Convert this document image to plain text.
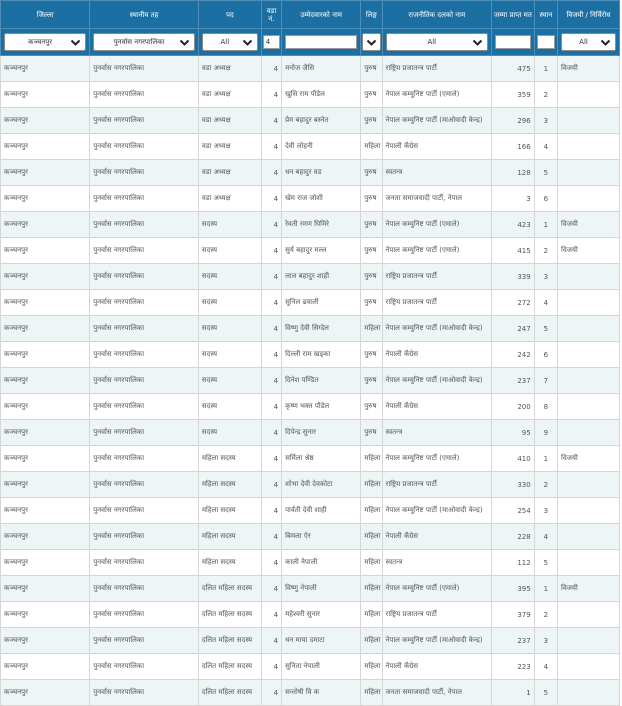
जिल्ला	स्थानीय तह	पद	वडा नं.	उम्मेदवारको नाम	लिङ्ग	राजनीतिक दलको नाम	जम्मा प्राप्त मत	स्थान	विजयी / निर्विरोध

कञ्चनपुर	पुनर्वास नगरपालिका	All	4			All			All

कञ्चनपुर	पुनर्वास नगरपालिका	वडा अध्यक्ष	4	मनोज जैसि	पुरुष	राष्ट्रिय प्रजातन्त्र पार्टी	475	1	विजयी
कञ्चनपुर	पुनर्वास नगरपालिका	वडा अध्यक्ष	4	खुसि राम पौडेल	पुरुष	नेपाल कम्युनिष्ट पार्टी (एमाले)	359	2	
कञ्चनपुर	पुनर्वास नगरपालिका	वडा अध्यक्ष	4	प्रेम बहादुर बस्नेत	पुरुष	नेपाल कम्युनिष्ट पार्टी (माओवादी केन्द्र)	296	3	
कञ्चनपुर	पुनर्वास नगरपालिका	वडा अध्यक्ष	4	देवी लोहनी	महिला	नेपाली कँग्रेस	166	4	
कञ्चनपुर	पुनर्वास नगरपालिका	वडा अध्यक्ष	4	धन बहादुर वड	पुरुष	स्वतन्त्र	128	5	
कञ्चनपुर	पुनर्वास नगरपालिका	वडा अध्यक्ष	4	खेम राज जोशी	पुरुष	जनता समाजवादी पार्टी, नेपाल	3	6	
कञ्चनपुर	पुनर्वास नगरपालिका	सदस्य	4	रेवती रमण घिमिरे	पुरुष	नेपाल कम्युनिष्ट पार्टी (एमाले)	423	1	विजयी
कञ्चनपुर	पुनर्वास नगरपालिका	सदस्य	4	सुर्य बहादुर मल्ल	पुरुष	नेपाल कम्युनिष्ट पार्टी (एमाले)	415	2	विजयी
कञ्चनपुर	पुनर्वास नगरपालिका	सदस्य	4	लाल बहादुर शाही	पुरुष	राष्ट्रिय प्रजातन्त्र पार्टी	339	3	
कञ्चनपुर	पुनर्वास नगरपालिका	सदस्य	4	सुनिल ढवाली	पुरुष	राष्ट्रिय प्रजातन्त्र पार्टी	272	4	
कञ्चनपुर	पुनर्वास नगरपालिका	सदस्य	4	विष्णु देवी सिग्देल	महिला	नेपाल कम्युनिष्ट पार्टी (माओवादी केन्द्र)	247	5	
कञ्चनपुर	पुनर्वास नगरपालिका	सदस्य	4	दिल्ली राम खड्का	पुरुष	नेपाली कँग्रेस	242	6	
कञ्चनपुर	पुनर्वास नगरपालिका	सदस्य	4	दिनेश पण्डित	पुरुष	नेपाल कम्युनिष्ट पार्टी (माओवादी केन्द्र)	237	7	
कञ्चनपुर	पुनर्वास नगरपालिका	सदस्य	4	कृष्ण भक्त पौडेल	पुरुष	नेपाली कँग्रेस	200	8	
कञ्चनपुर	पुनर्वास नगरपालिका	सदस्य	4	दिपेन्द्र सुनार	पुरुष	स्वतन्त्र	95	9	
कञ्चनपुर	पुनर्वास नगरपालिका	महिला सदस्य	4	सर्मिला श्रेष्ठ	महिला	नेपाल कम्युनिष्ट पार्टी (एमाले)	410	1	विजयी
कञ्चनपुर	पुनर्वास नगरपालिका	महिला सदस्य	4	शोभा देवी देवकोटा	महिला	राष्ट्रिय प्रजातन्त्र पार्टी	330	2	
कञ्चनपुर	पुनर्वास नगरपालिका	महिला सदस्य	4	पार्वती देवी शाही	महिला	नेपाल कम्युनिष्ट पार्टी (माओवादी केन्द्र)	254	3	
कञ्चनपुर	पुनर्वास नगरपालिका	महिला सदस्य	4	बिमला ऐर	महिला	नेपाली कँग्रेस	228	4	
कञ्चनपुर	पुनर्वास नगरपालिका	महिला सदस्य	4	काली नेपाली	महिला	स्वतन्त्र	112	5	
कञ्चनपुर	पुनर्वास नगरपालिका	दलित महिला सदस्य	4	विष्णु नेपाली	महिला	नेपाल कम्युनिष्ट पार्टी (एमाले)	395	1	विजयी
कञ्चनपुर	पुनर्वास नगरपालिका	दलित महिला सदस्य	4	महेश्वरी सुनार	महिला	राष्ट्रिय प्रजातन्त्र पार्टी	379	2	
कञ्चनपुर	पुनर्वास नगरपालिका	दलित महिला सदस्य	4	धन माया दमाटा	महिला	नेपाल कम्युनिष्ट पार्टी (माओवादी केन्द्र)	237	3	
कञ्चनपुर	पुनर्वास नगरपालिका	दलित महिला सदस्य	4	सुनिता नेपाली	महिला	नेपाली कँग्रेस	223	4	
कञ्चनपुर	पुनर्वास नगरपालिका	दलित महिला सदस्य	4	सन्तोषी वि क	महिला	जनता समाजवादी पार्टी, नेपाल	1	5	
